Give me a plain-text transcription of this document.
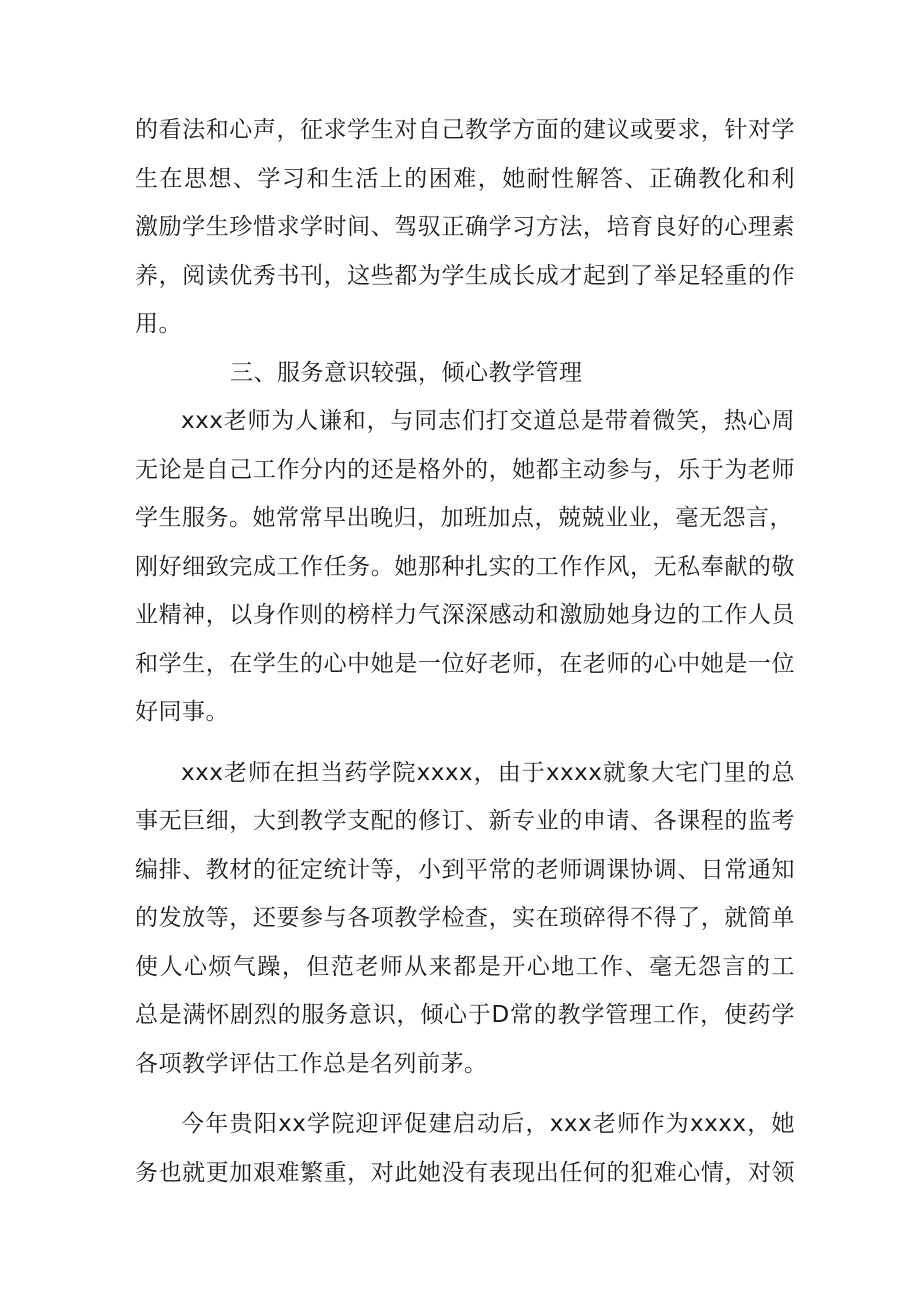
的看法和心声，征求学生对自己教学方面的建议或要求，针对学
生在思想、学习和生活上的困难，她耐性解答、正确教化和利
激励学生珍惜求学时间、驾驭正确学习方法，培育良好的心理素
养，阅读优秀书刊，这些都为学生成长成才起到了举足轻重的作
用。
三、服务意识较强，倾心教学管理
xxx老师为人谦和，与同志们打交道总是带着微笑，热心周
无论是自己工作分内的还是格外的，她都主动参与，乐于为老师
学生服务。她常常早出晚归，加班加点，兢兢业业，毫无怨言，
刚好细致完成工作任务。她那种扎实的工作作风，无私奉献的敬
业精神，以身作则的榜样力气深深感动和激励她身边的工作人员
和学生，在学生的心中她是一位好老师，在老师的心中她是一位
好同事。
xxx老师在担当药学院xxxx，由于xxxx就象大宅门里的总
事无巨细，大到教学支配的修订、新专业的申请、各课程的监考
编排、教材的征定统计等，小到平常的老师调课协调、日常通知
的发放等，还要参与各项教学检查，实在琐碎得不得了，就简单
使人心烦气躁，但范老师从来都是开心地工作、毫无怨言的工
总是满怀剧烈的服务意识，倾心于D常的教学管理工作，使药学
各项教学评估工作总是名列前茅。
今年贵阳xx学院迎评促建启动后，xxx老师作为xxxx，她
务也就更加艰难繁重，对此她没有表现出任何的犯难心情，对领
